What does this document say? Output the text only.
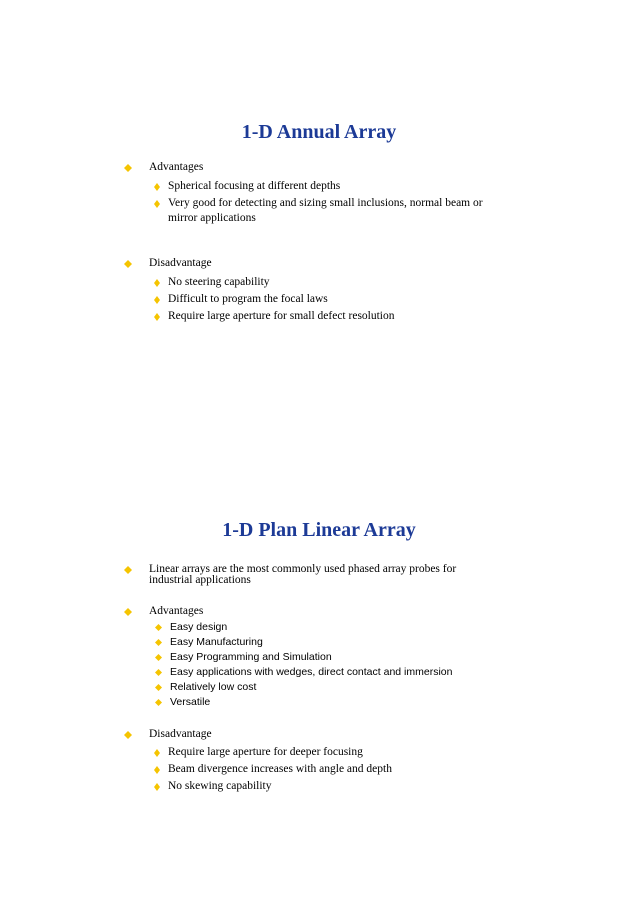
1-D Annual Array
Advantages
Spherical focusing at different depths
Very good for detecting and sizing small inclusions, normal beam or
mirror applications
Disadvantage
No steering capability
Difficult to program the focal laws
Require large aperture for small defect resolution
1-D Plan Linear Array
Linear arrays are the most commonly used phased array probes for
industrial applications
Advantages
Easy design
Easy Manufacturing
Easy Programming and Simulation
Easy applications with wedges, direct contact and immersion
Relatively low cost
Versatile
Disadvantage
Require large aperture for deeper focusing
Beam divergence increases with angle and depth
No skewing capability
